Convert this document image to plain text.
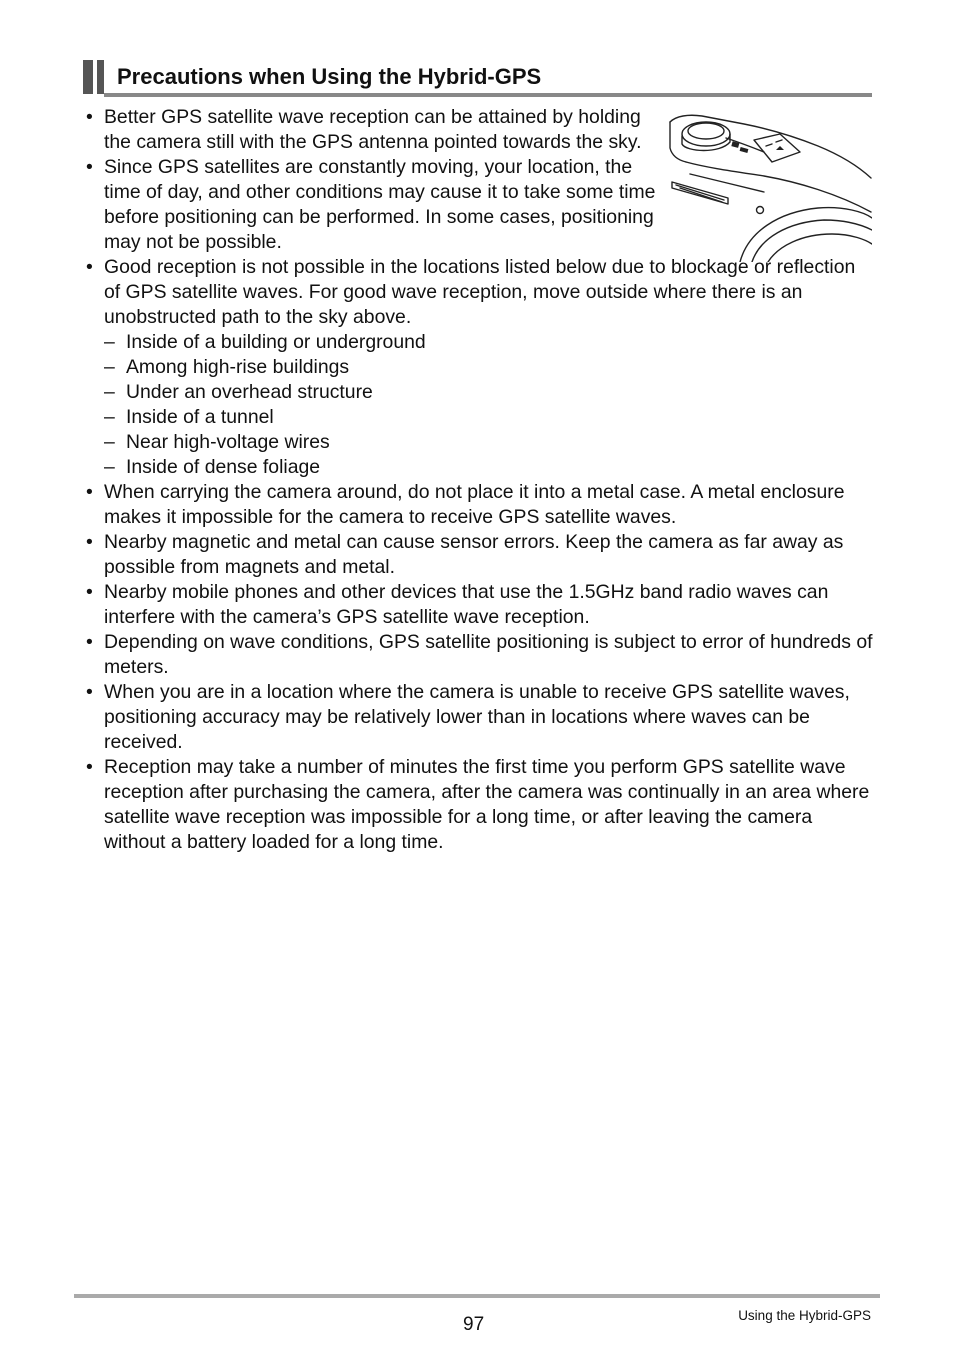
Precautions when Using the Hybrid-GPS
• Better GPS satellite wave reception can be attained by holding the camera still with the GPS antenna pointed towards the sky.
• Since GPS satellites are constantly moving, your location, the time of day, and other conditions may cause it to take some time before positioning can be performed. In some cases, positioning may not be possible.
• Good reception is not possible in the locations listed below due to blockage or reflection of GPS satellite waves. For good wave reception, move outside where there is an unobstructed path to the sky above.
– Inside of a building or underground
– Among high-rise buildings
– Under an overhead structure
– Inside of a tunnel
– Near high-voltage wires
– Inside of dense foliage
• When carrying the camera around, do not place it into a metal case. A metal enclosure makes it impossible for the camera to receive GPS satellite waves.
• Nearby magnetic and metal can cause sensor errors. Keep the camera as far away as possible from magnets and metal.
• Nearby mobile phones and other devices that use the 1.5GHz band radio waves can interfere with the camera’s GPS satellite wave reception.
• Depending on wave conditions, GPS satellite positioning is subject to error of hundreds of meters.
• When you are in a location where the camera is unable to receive GPS satellite waves, positioning accuracy may be relatively lower than in locations where waves can be received.
• Reception may take a number of minutes the first time you perform GPS satellite wave reception after purchasing the camera, after the camera was continually in an area where satellite wave reception was impossible for a long time, or after leaving the camera without a battery loaded for a long time.
97	Using the Hybrid-GPS
